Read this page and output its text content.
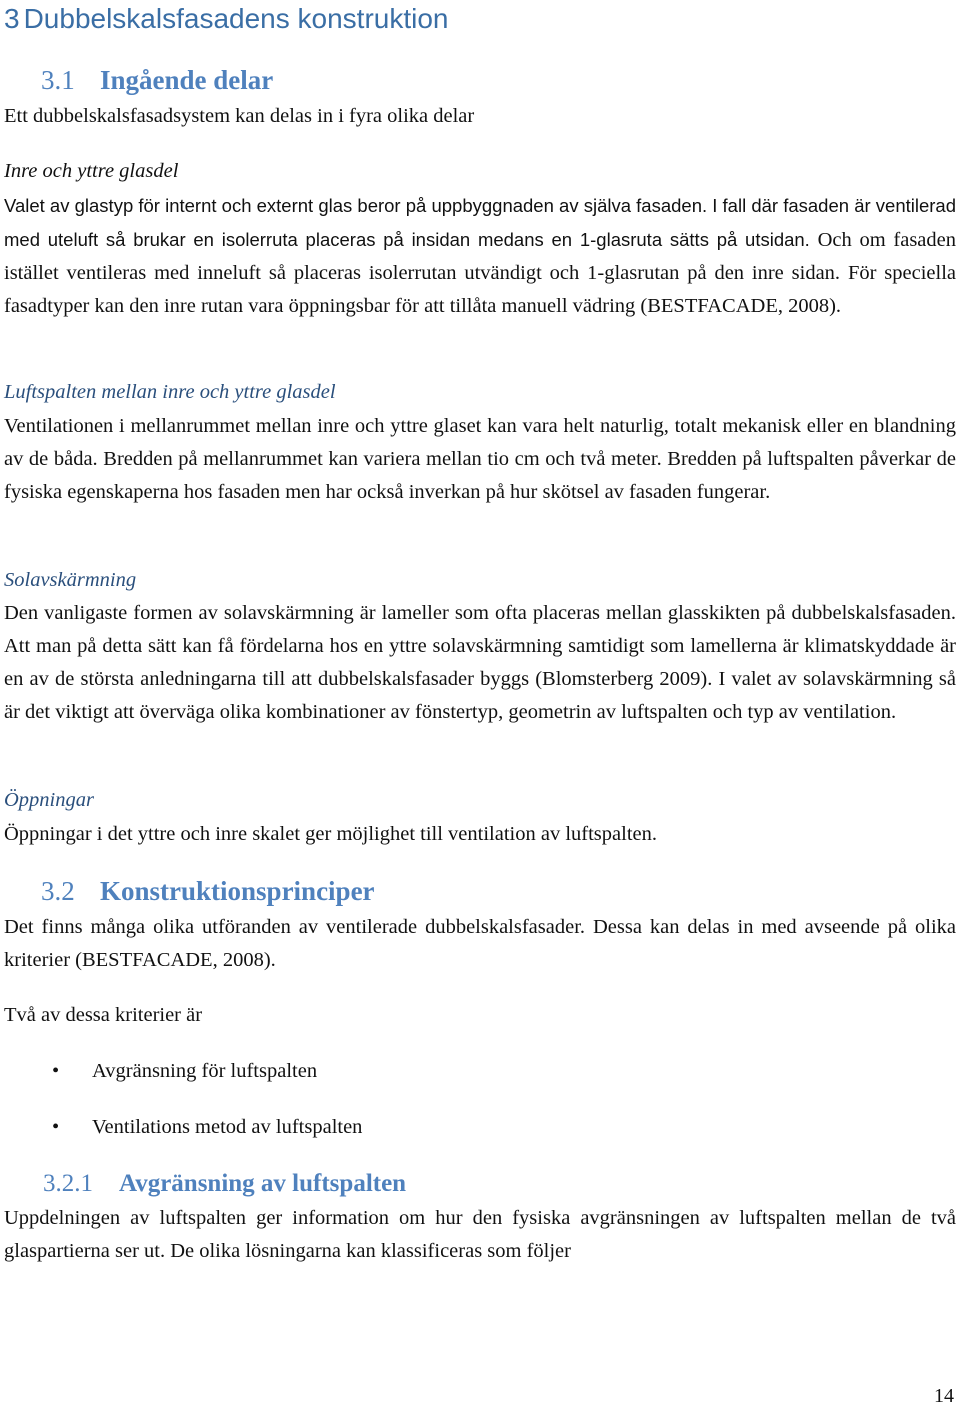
3 Dubbelskalsfasadens konstruktion
3.1 Ingående delar

Ett dubbelskalsfasadsystem kan delas in i fyra olika delar

Inre och yttre glasdel

Valet av glastyp för internt och externt glas beror på uppbyggnaden av själva fasaden. I fall där fasaden är ventilerad med uteluft så brukar en isolerruta placeras på insidan medans en 1-glasruta sätts på utsidan. Och om fasaden istället ventileras med inneluft så placeras isolerrutan utvändigt och 1-glasrutan på den inre sidan. För speciella fasadtyper kan den inre rutan vara öppningsbar för att tillåta manuell vädring (BESTFACADE, 2008).

Luftspalten mellan inre och yttre glasdel

Ventilationen i mellanrummet mellan inre och yttre glaset kan vara helt naturlig, totalt mekanisk eller en blandning av de båda. Bredden på mellanrummet kan variera mellan tio cm och två meter. Bredden på luftspalten påverkar de fysiska egenskaperna hos fasaden men har också inverkan på hur skötsel av fasaden fungerar.

Solavskärmning

Den vanligaste formen av solavskärmning är lameller som ofta placeras mellan glasskikten på dubbelskalsfasaden. Att man på detta sätt kan få fördelarna hos en yttre solavskärmning samtidigt som lamellerna är klimatskyddade är en av de största anledningarna till att dubbelskalsfasader byggs (Blomsterberg 2009). I valet av solavskärmning så är det viktigt att överväga olika kombinationer av fönstertyp, geometrin av luftspalten och typ av ventilation.

Öppningar

Öppningar i det yttre och inre skalet ger möjlighet till ventilation av luftspalten.

3.2 Konstruktionsprinciper

Det finns många olika utföranden av ventilerade dubbelskalsfasader. Dessa kan delas in med avseende på olika kriterier (BESTFACADE, 2008).

Två av dessa kriterier är

• Avgränsning för luftspalten
• Ventilations metod av luftspalten
3.2.1 Avgränsning av luftspalten

Uppdelningen av luftspalten ger information om hur den fysiska avgränsningen av luftspalten mellan de två glaspartierna ser ut. De olika lösningarna kan klassificeras som följer

14
